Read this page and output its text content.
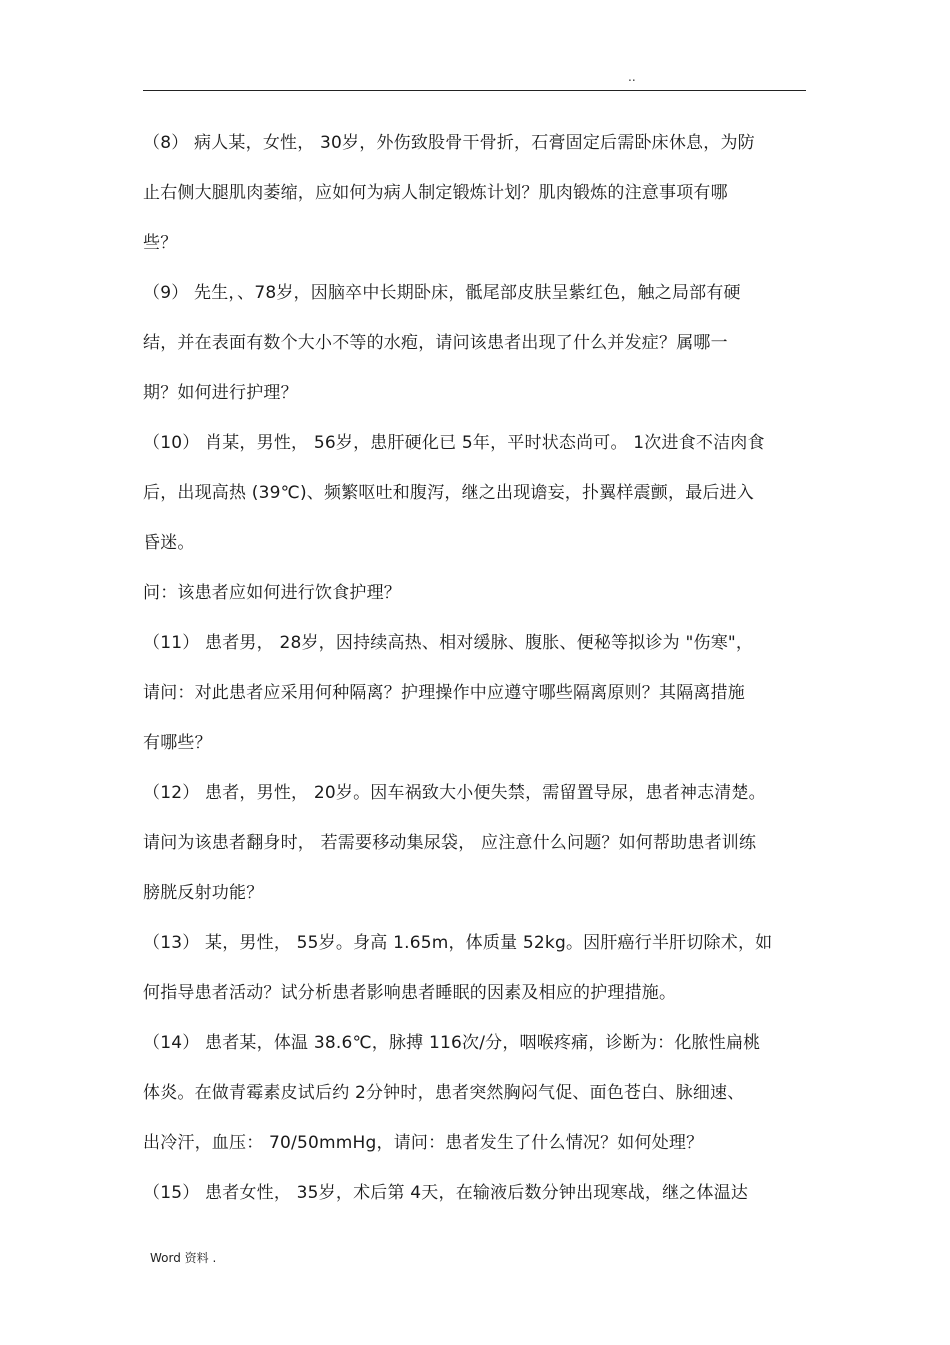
..
（8） 病人某，女性， 30岁，外伤致股骨干骨折，石膏固定后需卧床休息，为防
止右侧大腿肌肉萎缩，应如何为病人制定锻炼计划？肌肉锻炼的注意事项有哪
些？
（9） 先生，、78岁，因脑卒中长期卧床，骶尾部皮肤呈紫红色，触之局部有硬
结，并在表面有数个大小不等的水疱，请问该患者出现了什么并发症？属哪一
期？如何进行护理？
（10） 肖某，男性， 56岁，患肝硬化已 5年，平时状态尚可。 1次进食不洁肉食
后，出现高热 (39℃)、频繁呕吐和腹泻，继之出现谵妄，扑翼样震颤，最后进入
昏迷。
问：该患者应如何进行饮食护理？
（11） 患者男， 28岁，因持续高热、相对缓脉、腹胀、便秘等拟诊为 "伤寒"，
请问：对此患者应采用何种隔离？护理操作中应遵守哪些隔离原则？其隔离措施
有哪些？
（12） 患者，男性， 20岁。因车祸致大小便失禁，需留置导尿，患者神志清楚。
请问为该患者翻身时， 若需要移动集尿袋， 应注意什么问题？如何帮助患者训练
膀胱反射功能？
（13） 某，男性， 55岁。身高 1.65m，体质量 52kg。因肝癌行半肝切除术，如
何指导患者活动？试分析患者影响患者睡眠的因素及相应的护理措施。
（14） 患者某，体温 38.6℃，脉搏 116次/分，咽喉疼痛，诊断为：化脓性扁桃
体炎。在做青霉素皮试后约 2分钟时，患者突然胸闷气促、面色苍白、脉细速、
出冷汗，血压： 70/50mmHg，请问：患者发生了什么情况？如何处理？
（15） 患者女性， 35岁，术后第 4天，在输液后数分钟出现寒战，继之体温达
Word 资料 .
